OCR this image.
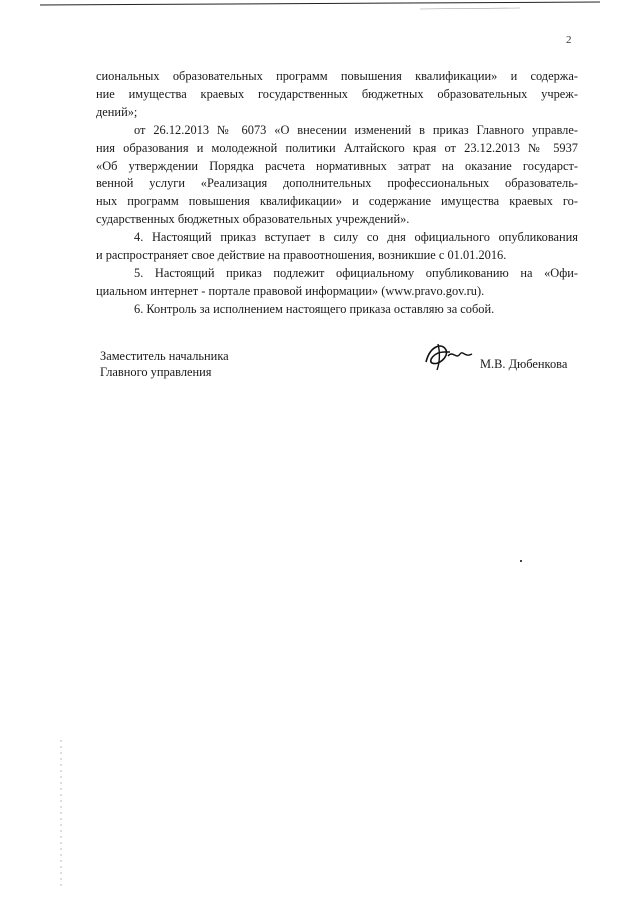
2
сиональных образовательных программ повышения квалификации» и содержа-
ние имущества краевых государственных бюджетных образовательных учреж-
дений»;
от 26.12.2013 № 6073 «О внесении изменений в приказ Главного управле-
ния образования и молодежной политики Алтайского края от 23.12.2013 № 5937
«Об утверждении Порядка расчета нормативных затрат на оказание государст-
венной услуги «Реализация дополнительных профессиональных образователь-
ных программ повышения квалификации» и содержание имущества краевых го-
сударственных бюджетных образовательных учреждений».
4. Настоящий приказ вступает в силу со дня официального опубликования
и распространяет свое действие на правоотношения, возникшие с 01.01.2016.
5. Настоящий приказ подлежит официальному опубликованию на «Офи-
циальном интернет - портале правовой информации» (www.pravo.gov.ru).
6. Контроль за исполнением настоящего приказа оставляю за собой.
Заместитель начальника
Главного управления
М.В. Дюбенкова
